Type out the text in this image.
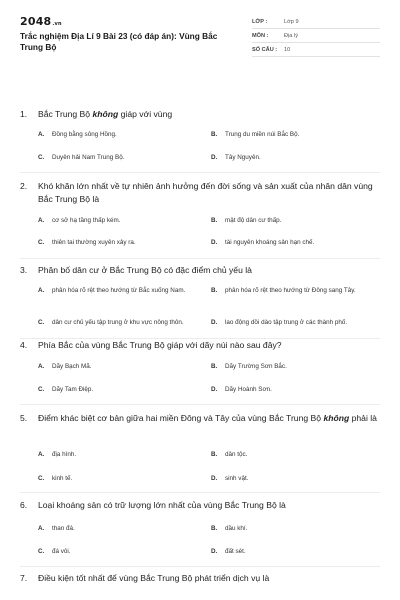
2048.vn
Trắc nghiệm Địa Lí 9 Bài 23 (có đáp án): Vùng Bắc Trung Bộ
LỚP :	Lớp 9
MÔN :	Địa lý
SỐ CÂU :	10
1.	Bắc Trung Bộ không giáp với vùng
A.	Đồng bằng sông Hồng.	B.	Trung du miền núi Bắc Bộ.
C.	Duyên hải Nam Trung Bộ.	D.	Tây Nguyên.
2.	Khó khăn lớn nhất về tự nhiên ảnh hưởng đến đời sống và sản xuất của nhân dân vùng Bắc Trung Bộ là
A.	cơ sở hạ tầng thấp kém.	B.	mật độ dân cư thấp.
C.	thiên tai thường xuyên xảy ra.	D.	tài nguyên khoáng sản hạn chế.
3.	Phân bố dân cư ở Bắc Trung Bộ có đặc điểm chủ yếu là
A.	phân hóa rõ rệt theo hướng từ Bắc xuống Nam.	B.	phân hóa rõ rệt theo hướng từ Đông sang Tây.
C.	dân cư chủ yếu tập trung ở khu vực nông thôn.	D.	lao động dồi dào tập trung ở các thành phố.
4.	Phía Bắc của vùng Bắc Trung Bộ giáp với dãy núi nào sau đây?
A.	Dãy Bạch Mã.	B.	Dãy Trường Sơn Bắc.
C.	Dãy Tam Điệp.	D.	Dãy Hoành Sơn.
5.	Điểm khác biệt cơ bản giữa hai miền Đông và Tây của vùng Bắc Trung Bộ không phải là
A.	địa hình.	B.	dân tộc.
C.	kinh tế.	D.	sinh vật.
6.	Loại khoáng sản có trữ lượng lớn nhất của vùng Bắc Trung Bộ là
A.	than đá.	B.	dầu khí.
C.	đá vôi.	D.	đất sét.
7.	Điều kiện tốt nhất để vùng Bắc Trung Bộ phát triển dịch vụ là
